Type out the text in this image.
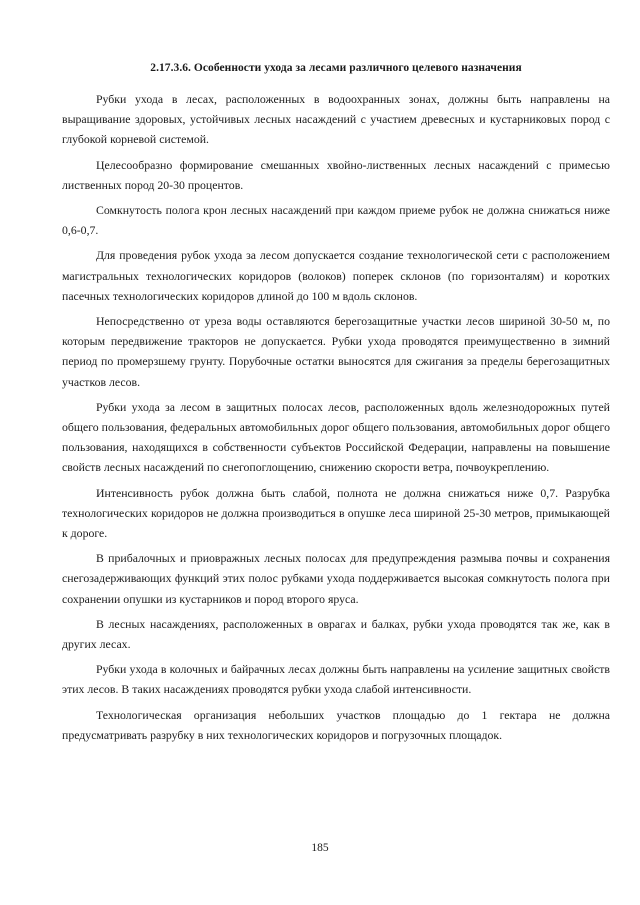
2.17.3.6. Особенности ухода за лесами различного целевого назначения

Рубки ухода в лесах, расположенных в водоохранных зонах, должны быть направлены на выращивание здоровых, устойчивых лесных насаждений с участием древесных и кустарниковых пород с глубокой корневой системой.

Целесообразно формирование смешанных хвойно-лиственных лесных насаждений с примесью лиственных пород 20-30 процентов.

Сомкнутость полога крон лесных насаждений при каждом приеме рубок не должна снижаться ниже 0,6-0,7.

Для проведения рубок ухода за лесом допускается создание технологической сети с расположением магистральных технологических коридоров (волоков) поперек склонов (по горизонталям) и коротких пасечных технологических коридоров длиной до 100 м вдоль склонов.

Непосредственно от уреза воды оставляются берегозащитные участки лесов шириной 30-50 м, по которым передвижение тракторов не допускается. Рубки ухода проводятся преимущественно в зимний период по промерзшему грунту. Порубочные остатки выносятся для сжигания за пределы берегозащитных участков лесов.

Рубки ухода за лесом в защитных полосах лесов, расположенных вдоль железнодорожных путей общего пользования, федеральных автомобильных дорог общего пользования, автомобильных дорог общего пользования, находящихся в собственности субъектов Российской Федерации, направлены на повышение свойств лесных насаждений по снегопоглощению, снижению скорости ветра, почвоукреплению.

Интенсивность рубок должна быть слабой, полнота не должна снижаться ниже 0,7. Разрубка технологических коридоров не должна производиться в опушке леса шириной 25-30 метров, примыкающей к дороге.

В прибалочных и приовражных лесных полосах для предупреждения размыва почвы и сохранения снегозадерживающих функций этих полос рубками ухода поддерживается высокая сомкнутость полога при сохранении опушки из кустарников и пород второго яруса.

В лесных насаждениях, расположенных в оврагах и балках, рубки ухода проводятся так же, как в других лесах.

Рубки ухода в колочных и байрачных лесах должны быть направлены на усиление защитных свойств этих лесов. В таких насаждениях проводятся рубки ухода слабой интенсивности.

Технологическая организация небольших участков площадью до 1 гектара не должна предусматривать разрубку в них технологических коридоров и погрузочных площадок.

185
